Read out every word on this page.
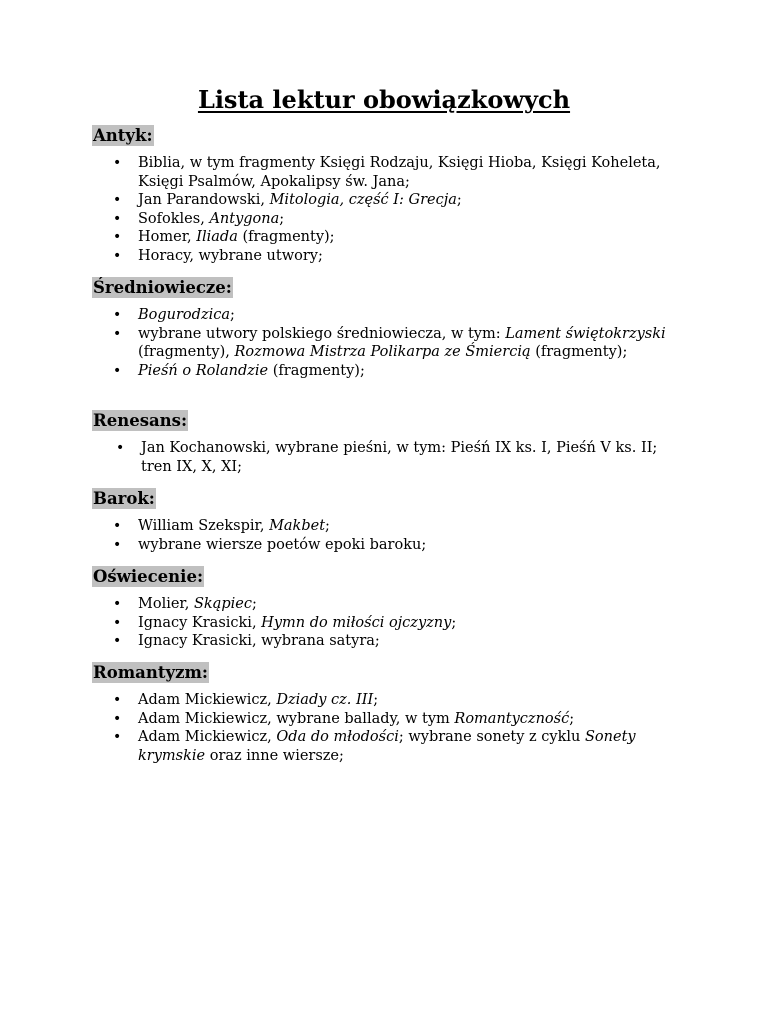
Lista lektur obowiązkowych
Antyk:
• Biblia, w tym fragmenty Księgi Rodzaju, Księgi Hioba, Księgi Koheleta, Księgi Psalmów, Apokalipsy św. Jana;
• Jan Parandowski, Mitologia, część I: Grecja;
• Sofokles, Antygona;
• Homer, Iliada (fragmenty);
• Horacy, wybrane utwory;
Średniowiecze:
• Bogurodzica;
• wybrane utwory polskiego średniowiecza, w tym: Lament świętokrzyski (fragmenty), Rozmowa Mistrza Polikarpa ze Śmiercią (fragmenty);
• Pieśń o Rolandzie (fragmenty);
Renesans:
• Jan Kochanowski, wybrane pieśni, w tym: Pieśń IX ks. I, Pieśń V ks. II; tren IX, X, XI;
Barok:
• William Szekspir, Makbet;
• wybrane wiersze poetów epoki baroku;
Oświecenie:
• Molier, Skąpiec;
• Ignacy Krasicki, Hymn do miłości ojczyzny;
• Ignacy Krasicki, wybrana satyra;
Romantyzm:
• Adam Mickiewicz, Dziady cz. III;
• Adam Mickiewicz, wybrane ballady, w tym Romantyczność;
• Adam Mickiewicz, Oda do młodości; wybrane sonety z cyklu Sonety krymskie oraz inne wiersze;
